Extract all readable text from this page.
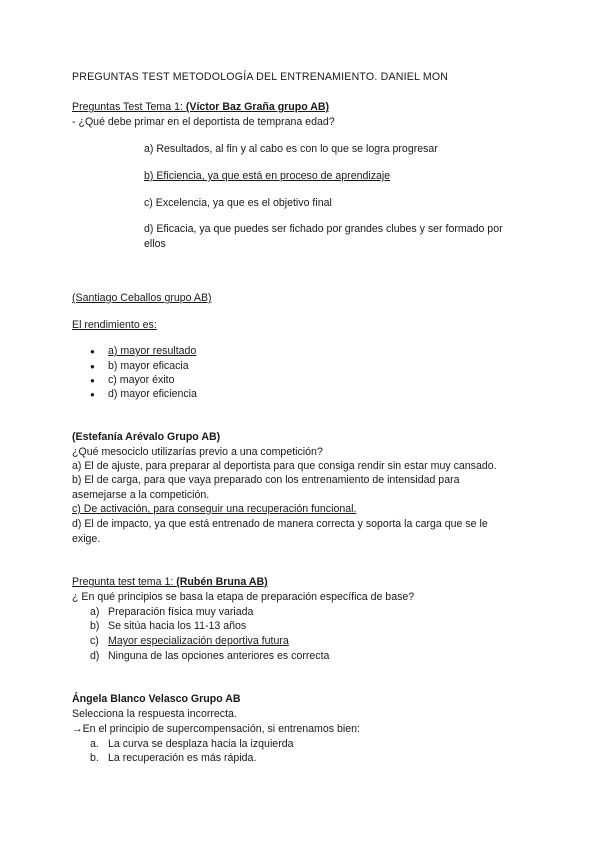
PREGUNTAS TEST METODOLOGÍA DEL ENTRENAMIENTO. DANIEL MON
Preguntas Test Tema 1: (Víctor Baz Graña grupo AB)
- ¿Qué debe primar en el deportista de temprana edad?
a) Resultados, al fin y al cabo es con lo que se logra progresar
b) Eficiencia, ya que está en proceso de aprendizaje
c) Excelencia, ya que es el objetivo final
d) Eficacia, ya que puedes ser fichado por grandes clubes y ser formado por
ellos
(Santiago Ceballos grupo AB)
El rendimiento es:
● a) mayor resultado
● b) mayor eficacia
● c) mayor éxito
● d) mayor eficiencia
(Estefanía Arévalo Grupo AB)
¿Qué mesociclo utilizarías previo a una competición?
a) El de ajuste, para preparar al deportista para que consiga rendir sin estar muy cansado.
b) El de carga, para que vaya preparado con los entrenamiento de intensidad para
asemejarse a la competición.
c) De activación, para conseguir una recuperación funcional.
d) El de impacto, ya que está entrenado de manera correcta y soporta la carga que se le
exige.
Pregunta test tema 1: (Rubén Bruna AB)
¿ En qué principios se basa la etapa de preparación específica de base?
a) Preparación física muy variada
b) Se sitúa hacia los 11-13 años
c) Mayor especialización deportiva futura
d) Ninguna de las opciones anteriores es correcta
Ángela Blanco Velasco Grupo AB
Selecciona la respuesta incorrecta.
→En el principio de supercompensación, si entrenamos bien:
a. La curva se desplaza hacia la izquierda
b. La recuperación es más rápida.
